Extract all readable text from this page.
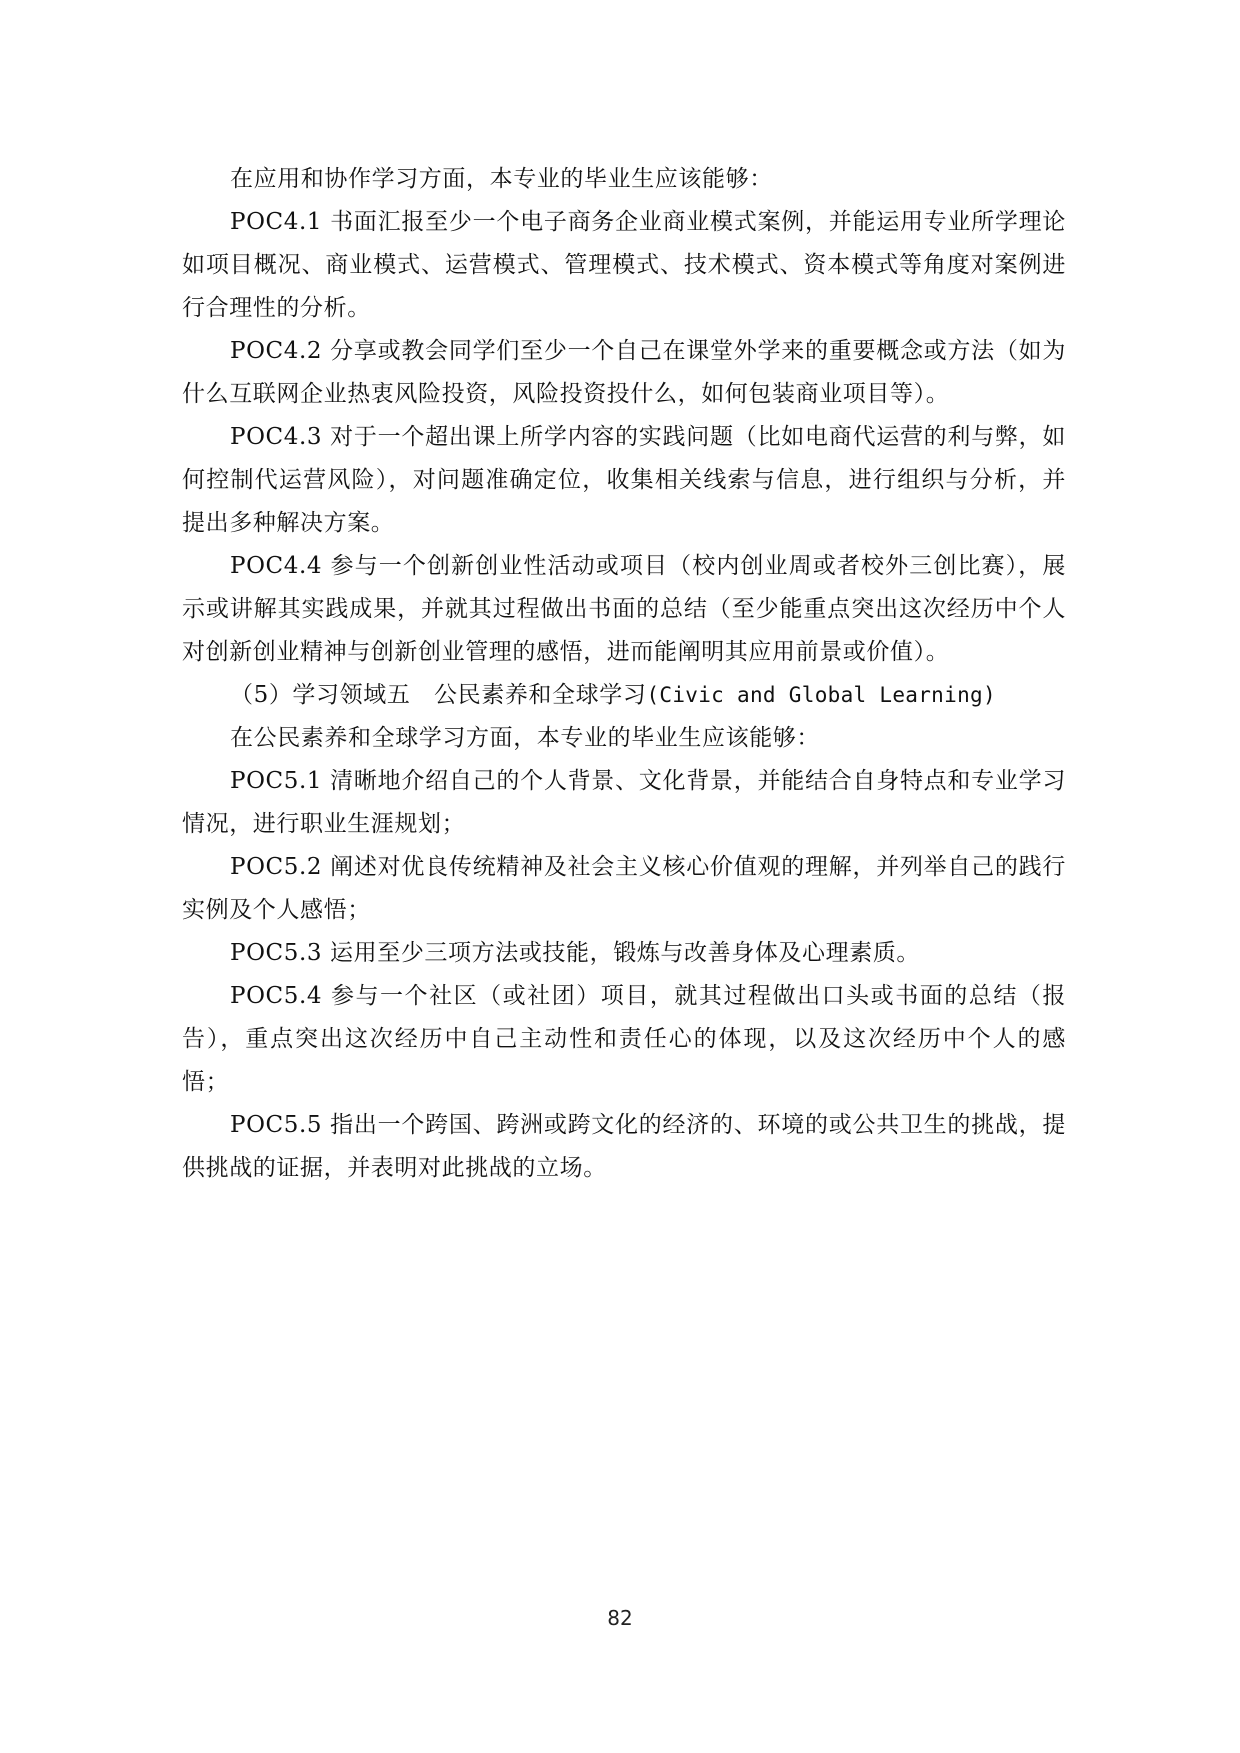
在应用和协作学习方面，本专业的毕业生应该能够：

POC4.1 书面汇报至少一个电子商务企业商业模式案例，并能运用专业所学理论如项目概况、商业模式、运营模式、管理模式、技术模式、资本模式等角度对案例进行合理性的分析。

POC4.2 分享或教会同学们至少一个自己在课堂外学来的重要概念或方法（如为什么互联网企业热衷风险投资，风险投资投什么，如何包装商业项目等）。

POC4.3 对于一个超出课上所学内容的实践问题（比如电商代运营的利与弊，如何控制代运营风险），对问题准确定位，收集相关线索与信息，进行组织与分析，并提出多种解决方案。

POC4.4 参与一个创新创业性活动或项目（校内创业周或者校外三创比赛），展示或讲解其实践成果，并就其过程做出书面的总结（至少能重点突出这次经历中个人对创新创业精神与创新创业管理的感悟，进而能阐明其应用前景或价值）。

（5）学习领域五　公民素养和全球学习(Civic and Global Learning)

在公民素养和全球学习方面，本专业的毕业生应该能够：

POC5.1 清晰地介绍自己的个人背景、文化背景，并能结合自身特点和专业学习情况，进行职业生涯规划；

POC5.2 阐述对优良传统精神及社会主义核心价值观的理解，并列举自己的践行实例及个人感悟；

POC5.3 运用至少三项方法或技能，锻炼与改善身体及心理素质。

POC5.4 参与一个社区（或社团）项目，就其过程做出口头或书面的总结（报告），重点突出这次经历中自己主动性和责任心的体现，以及这次经历中个人的感悟；

POC5.5 指出一个跨国、跨洲或跨文化的经济的、环境的或公共卫生的挑战，提供挑战的证据，并表明对此挑战的立场。

82
